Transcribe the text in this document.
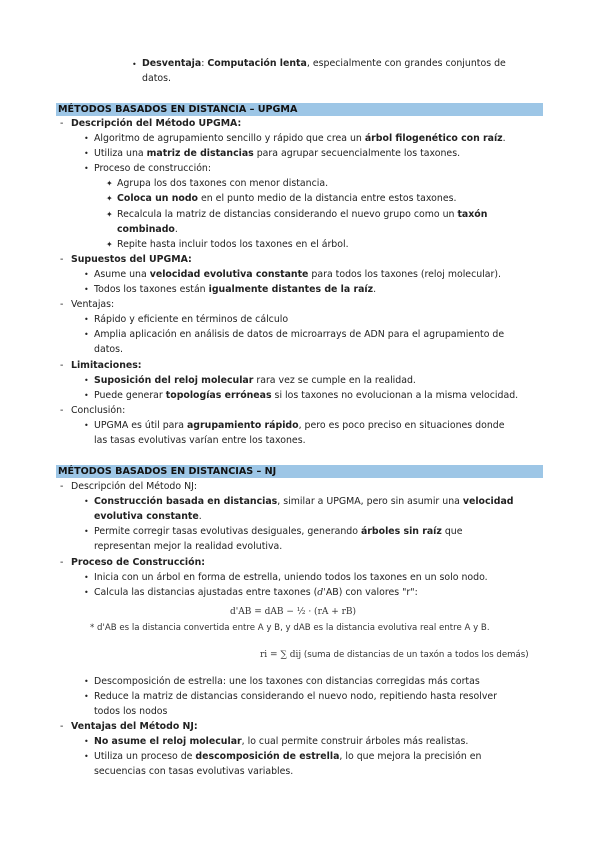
• Desventaja: Computación lenta, especialmente con grandes conjuntos de
datos.
MÉTODOS BASADOS EN DISTANCIA – UPGMA
- Descripción del Método UPGMA:
• Algoritmo de agrupamiento sencillo y rápido que crea un árbol filogenético con raíz.
• Utiliza una matriz de distancias para agrupar secuencialmente los taxones.
• Proceso de construcción:
✦ Agrupa los dos taxones con menor distancia.
✦ Coloca un nodo en el punto medio de la distancia entre estos taxones.
✦ Recalcula la matriz de distancias considerando el nuevo grupo como un taxón
combinado.
✦ Repite hasta incluir todos los taxones en el árbol.
- Supuestos del UPGMA:
• Asume una velocidad evolutiva constante para todos los taxones (reloj molecular).
• Todos los taxones están igualmente distantes de la raíz.
- Ventajas:
• Rápido y eficiente en términos de cálculo
• Amplia aplicación en análisis de datos de microarrays de ADN para el agrupamiento de
datos.
- Limitaciones:
• Suposición del reloj molecular rara vez se cumple en la realidad.
• Puede generar topologías erróneas si los taxones no evolucionan a la misma velocidad.
- Conclusión:
• UPGMA es útil para agrupamiento rápido, pero es poco preciso en situaciones donde
las tasas evolutivas varían entre los taxones.
MÉTODOS BASADOS EN DISTANCIAS – NJ
- Descripción del Método NJ:
• Construcción basada en distancias, similar a UPGMA, pero sin asumir una velocidad
evolutiva constante.
• Permite corregir tasas evolutivas desiguales, generando árboles sin raíz que
representan mejor la realidad evolutiva.
- Proceso de Construcción:
• Inicia con un árbol en forma de estrella, uniendo todos los taxones en un solo nodo.
• Calcula las distancias ajustadas entre taxones (d'AB) con valores "r":
d'AB = dAB − ½ · (rA + rB)
* d'AB es la distancia convertida entre A y B, y dAB es la distancia evolutiva real entre A y B.
ri = ∑ dij (suma de distancias de un taxón a todos los demás)
• Descomposición de estrella: une los taxones con distancias corregidas más cortas
• Reduce la matriz de distancias considerando el nuevo nodo, repitiendo hasta resolver
todos los nodos
- Ventajas del Método NJ:
• No asume el reloj molecular, lo cual permite construir árboles más realistas.
• Utiliza un proceso de descomposición de estrella, lo que mejora la precisión en
secuencias con tasas evolutivas variables.
